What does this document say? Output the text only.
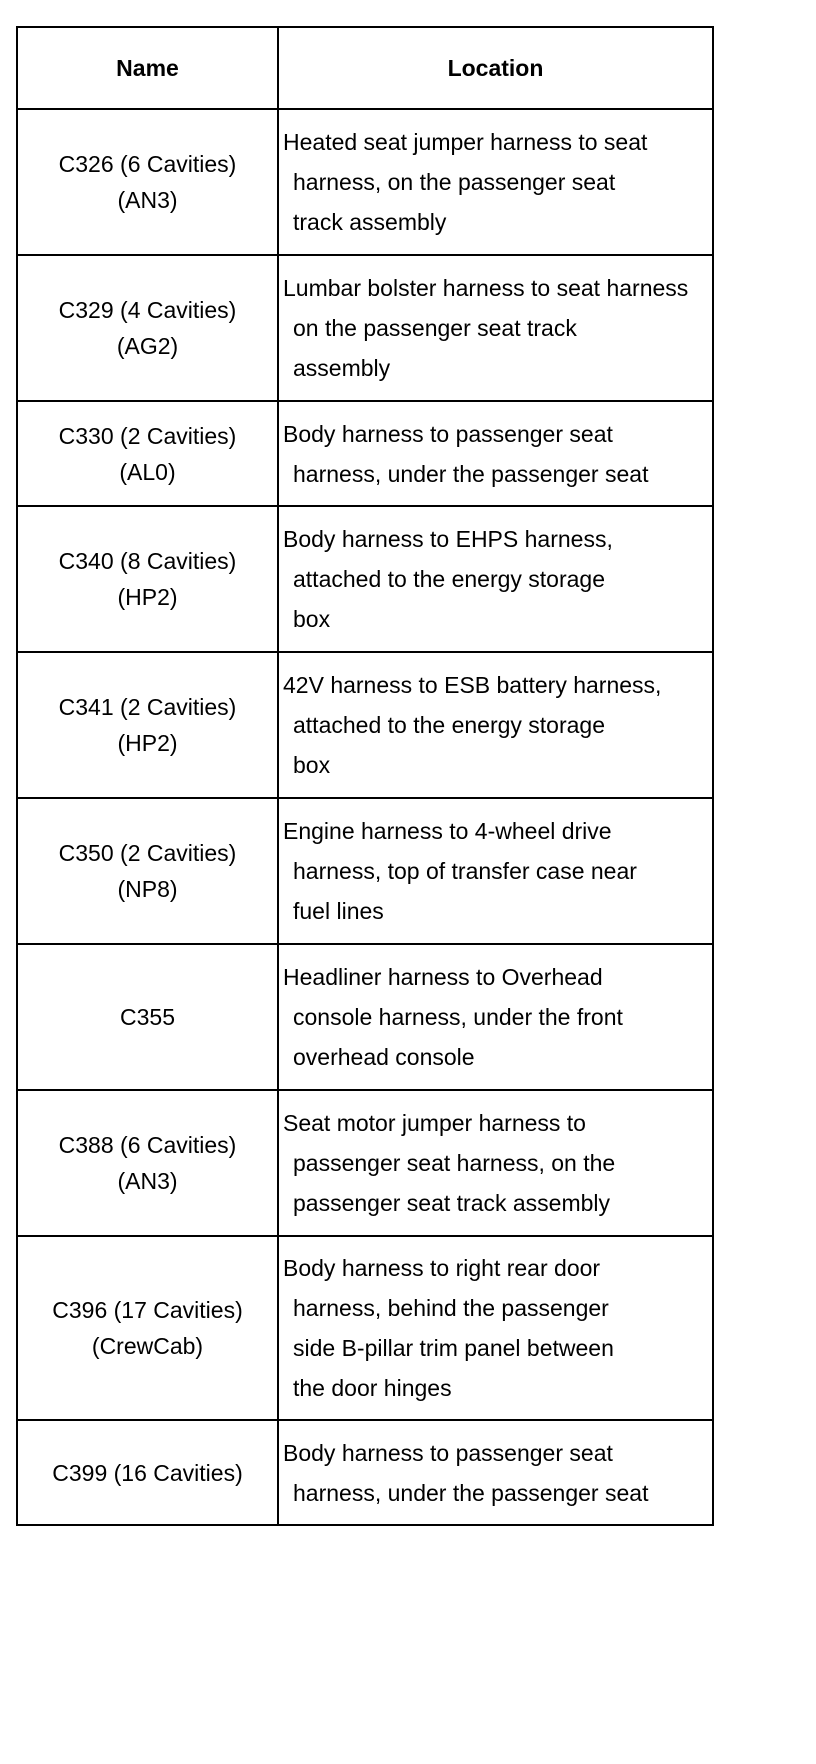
Name	Location

C326 (6 Cavities)
(AN3)	Heated seat jumper harness to seat
harness, on the passenger seat
track assembly

C329 (4 Cavities)
(AG2)	Lumbar bolster harness to seat harness
on the passenger seat track
assembly

C330 (2 Cavities)
(AL0)	Body harness to passenger seat
harness, under the passenger seat

C340 (8 Cavities)
(HP2)	Body harness to EHPS harness,
attached to the energy storage
box

C341 (2 Cavities)
(HP2)	42V harness to ESB battery harness,
attached to the energy storage
box

C350 (2 Cavities)
(NP8)	Engine harness to 4-wheel drive
harness, top of transfer case near
fuel lines

C355	Headliner harness to Overhead
console harness, under the front
overhead console

C388 (6 Cavities)
(AN3)	Seat motor jumper harness to
passenger seat harness, on the
passenger seat track assembly

C396 (17 Cavities)
(CrewCab)	Body harness to right rear door
harness, behind the passenger
side B-pillar trim panel between
the door hinges

C399 (16 Cavities)	Body harness to passenger seat
harness, under the passenger seat
